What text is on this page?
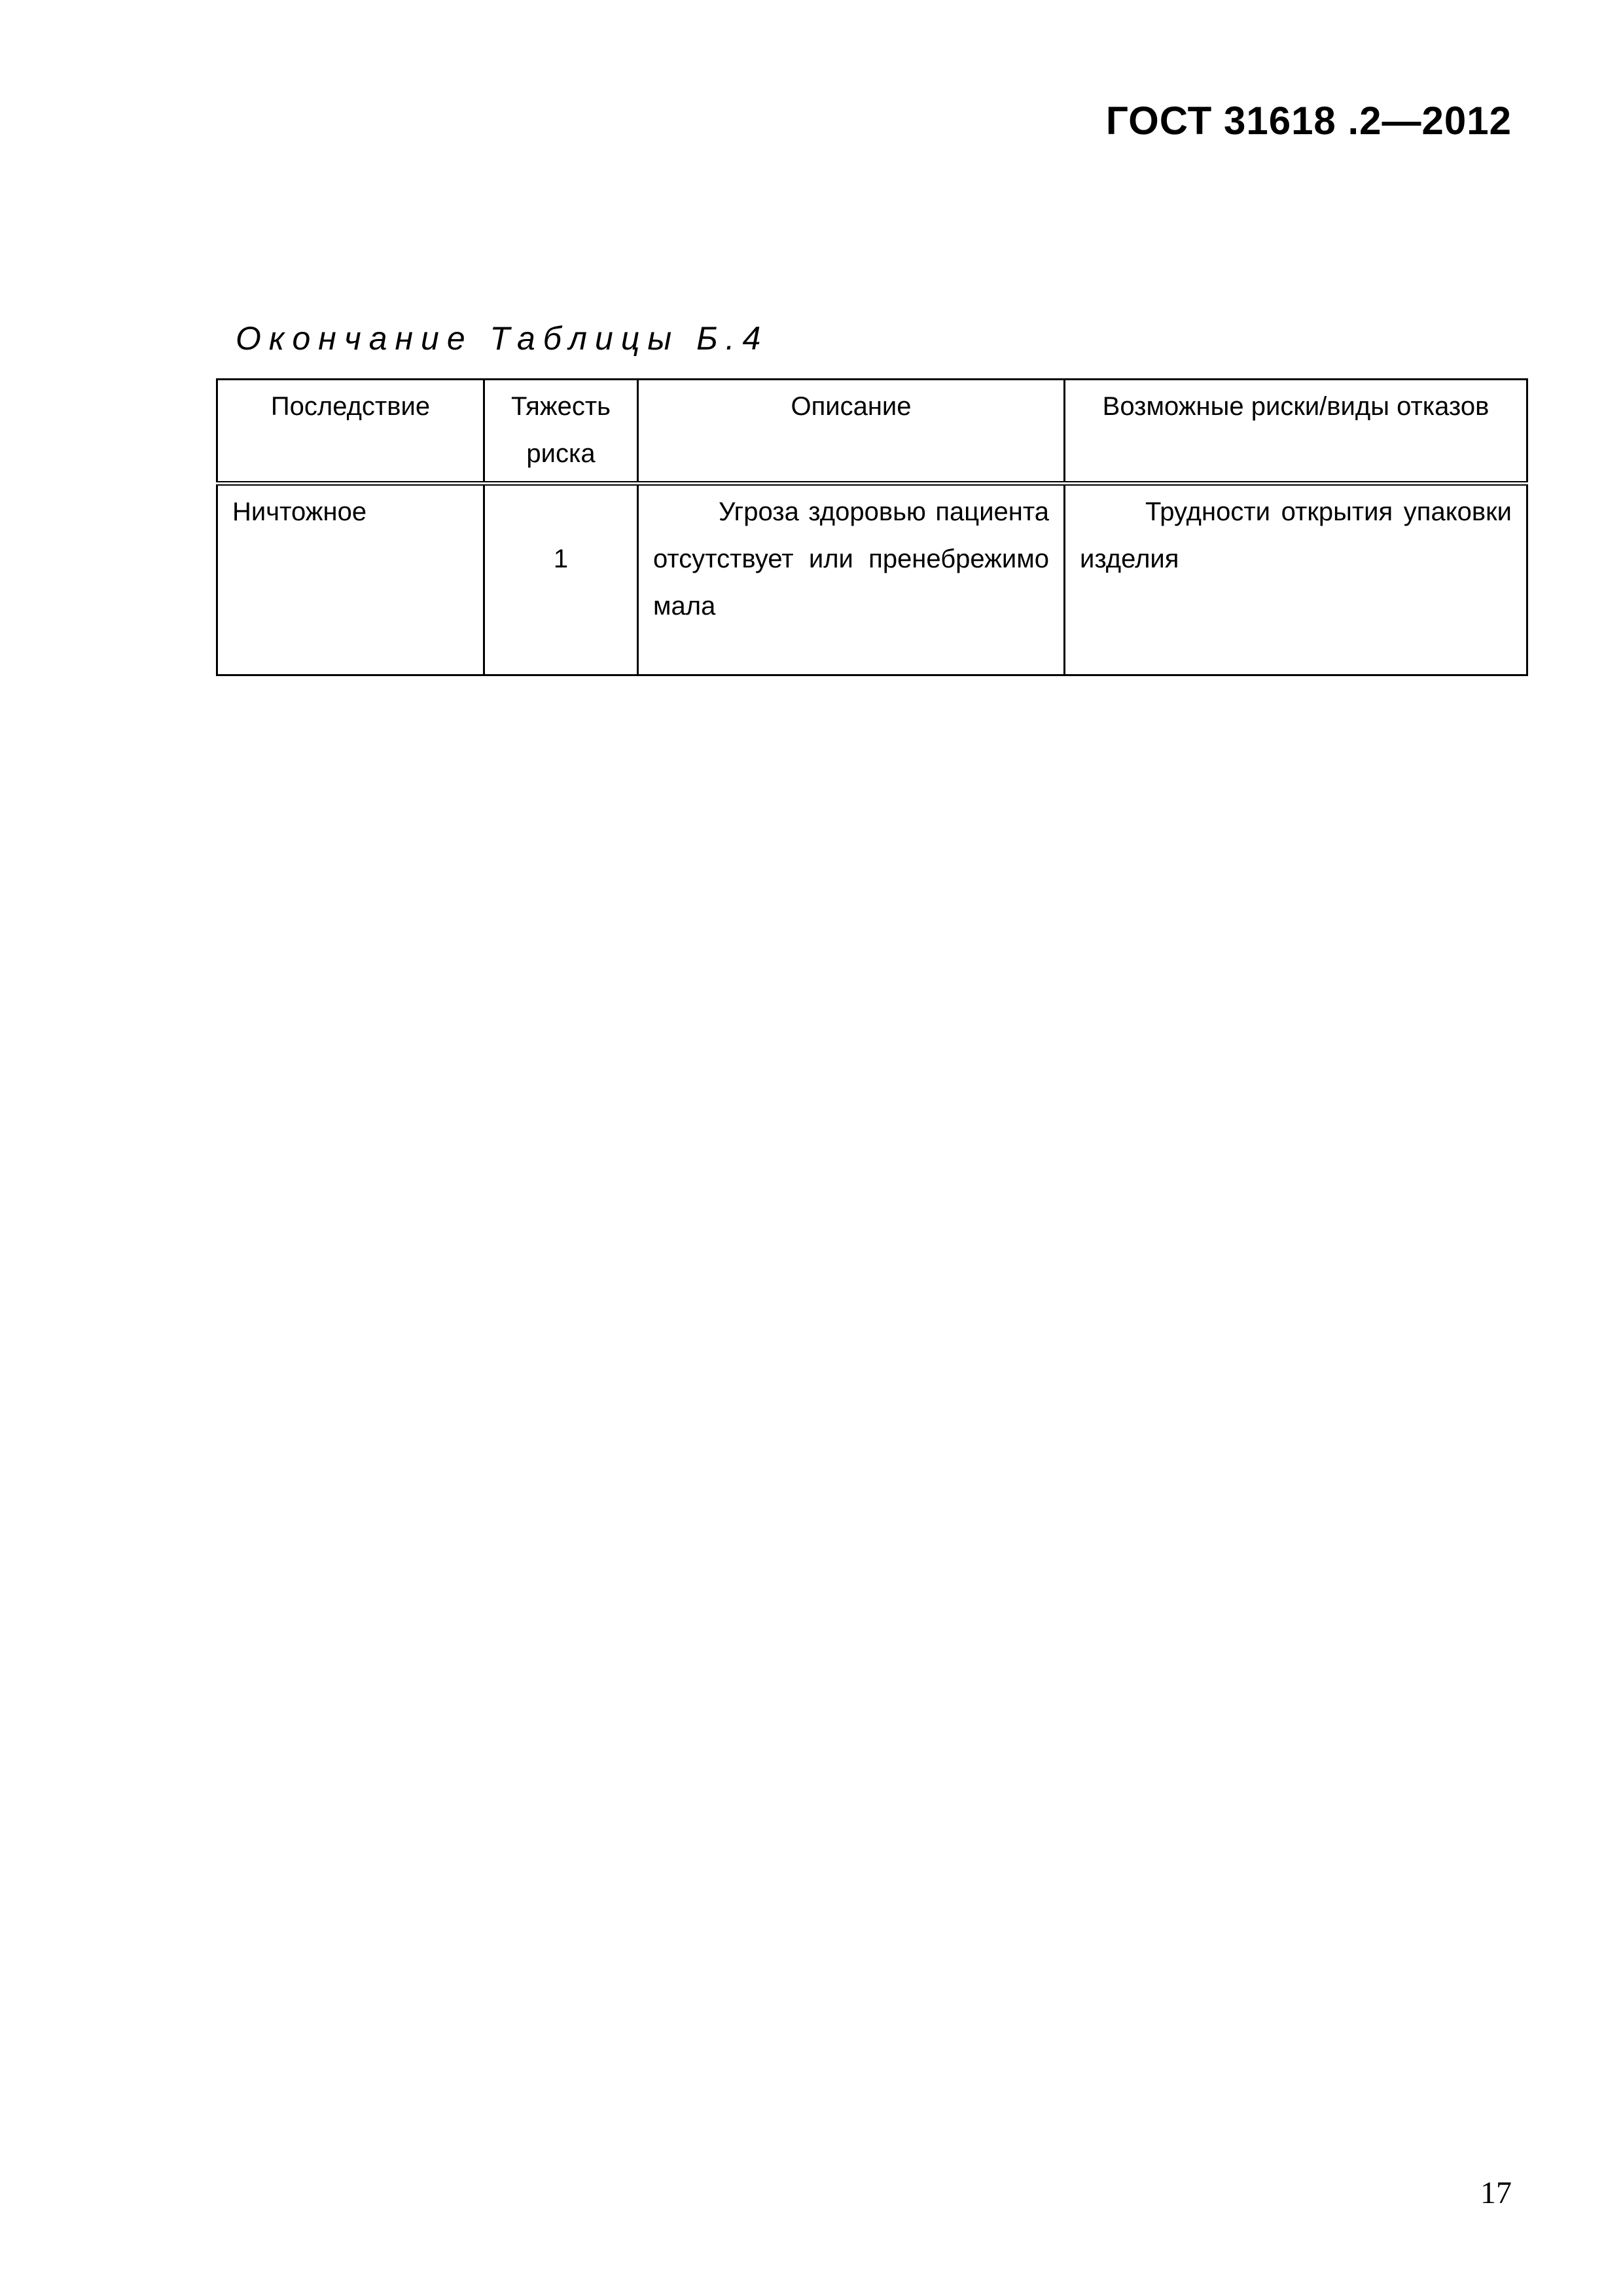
ГОСТ 31618 .2—2012
Окончание Таблицы Б.4
Последствие	Тяжесть риска	Описание	Возможные риски/виды отказов
Ничтожное	1	Угроза здоровью пациента отсутствует или пренебрежимо мала	Трудности открытия упаковки изделия
17
